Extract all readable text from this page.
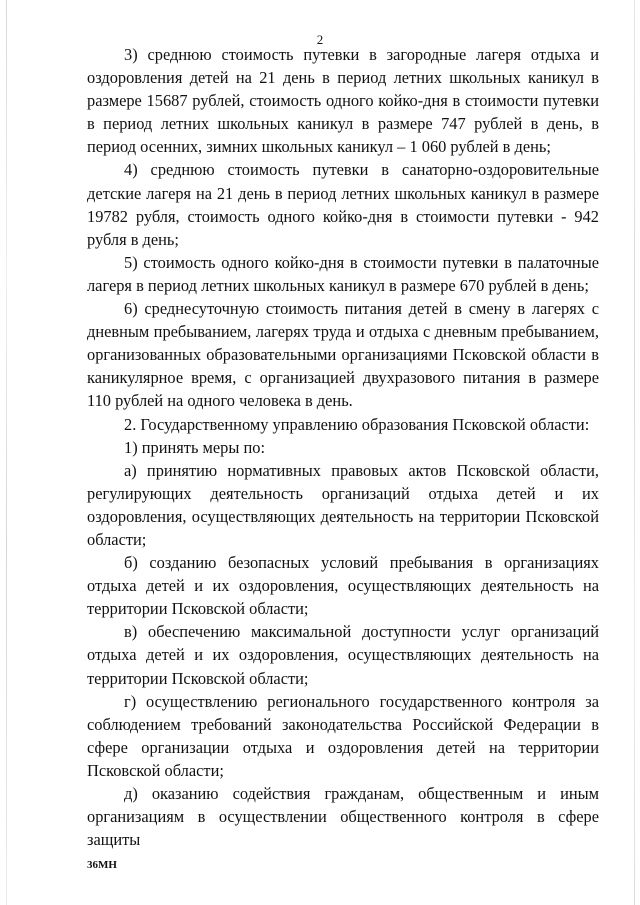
2

3) среднюю стоимость путевки в загородные лагеря отдыха и оздоровления детей на 21 день в период летних школьных каникул в размере 15687 рублей, стоимость одного койко-дня в стоимости путевки в период летних школьных каникул в размере 747 рублей в день, в период осенних, зимних школьных каникул – 1 060 рублей в день;

4) среднюю стоимость путевки в санаторно-оздоровительные детские лагеря на 21 день в период летних школьных каникул в размере 19782 рубля, стоимость одного койко-дня в стоимости путевки - 942 рубля в день;

5) стоимость одного койко-дня в стоимости путевки в палаточные лагеря в период летних школьных каникул в размере 670 рублей в день;

6) среднесуточную стоимость питания детей в смену в лагерях с дневным пребыванием, лагерях труда и отдыха с дневным пребыванием, организованных образовательными организациями Псковской области в каникулярное время, с организацией двухразового питания в размере 110 рублей на одного человека в день.

2. Государственному управлению образования Псковской области:

1) принять меры по:

а) принятию нормативных правовых актов Псковской области, регулирующих деятельность организаций отдыха детей и их оздоровления, осуществляющих деятельность на территории Псковской области;

б) созданию безопасных условий пребывания в организациях отдыха детей и их оздоровления, осуществляющих деятельность на территории Псковской области;

в) обеспечению максимальной доступности услуг организаций отдыха детей и их оздоровления, осуществляющих деятельность на территории Псковской области;

г) осуществлению регионального государственного контроля за соблюдением требований законодательства Российской Федерации в сфере организации отдыха и оздоровления детей на территории Псковской области;

д) оказанию содействия гражданам, общественным и иным организациям в осуществлении общественного контроля в сфере защиты

36МН
